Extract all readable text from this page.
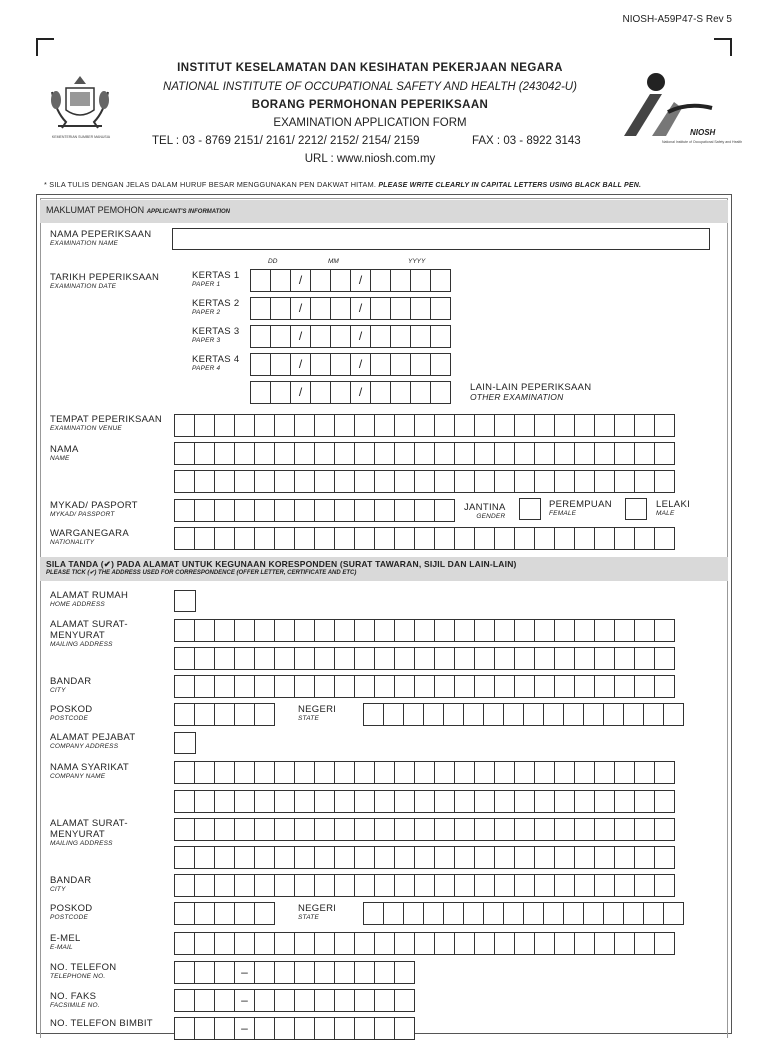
NIOSH-A59P47-S Rev 5
KEMENTERIAN SUMBER MANUSIA
INSTITUT KESELAMATAN DAN KESIHATAN PEKERJAAN NEGARA
NATIONAL INSTITUTE OF OCCUPATIONAL SAFETY AND HEALTH (243042-U)
BORANG PERMOHONAN PEPERIKSAAN
EXAMINATION APPLICATION FORM
TEL : 03 - 8769 2151/ 2161/ 2212/ 2152/ 2154/ 2159	FAX : 03 - 8922 3143
URL : www.niosh.com.my
NIOSH
National Institute of Occupational Safety and Health
* SILA TULIS DENGAN JELAS DALAM HURUF BESAR MENGGUNAKAN PEN DAKWAT HITAM. PLEASE WRITE CLEARLY IN CAPITAL LETTERS USING BLACK BALL PEN.
MAKLUMAT PEMOHON APPLICANT'S INFORMATION
NAMA PEPERIKSAAN
EXAMINATION NAME
DD	MM	YYYY
TARIKH PEPERIKSAAN
EXAMINATION DATE
KERTAS 1
PAPER 1	/	/
KERTAS 2
PAPER 2	/	/
KERTAS 3
PAPER 3	/	/
KERTAS 4
PAPER 4	/	/
/	/	LAIN-LAIN PEPERIKSAAN
OTHER EXAMINATION
TEMPAT PEPERIKSAAN
EXAMINATION VENUE
NAMA
NAME
MYKAD/ PASPORT
MYKAD/ PASSPORT
JANTINA
GENDER
PEREMPUAN
FEMALE
LELAKI
MALE
WARGANEGARA
NATIONALITY
SILA TANDA (✔) PADA ALAMAT UNTUK KEGUNAAN KORESPONDEN (SURAT TAWARAN, SIJIL DAN LAIN-LAIN)
PLEASE TICK (✔) THE ADDRESS USED FOR CORRESPONDENCE (OFFER LETTER, CERTIFICATE AND ETC)
ALAMAT RUMAH
HOME ADDRESS
ALAMAT SURAT-
MENYURAT
MAILING ADDRESS
BANDAR
CITY
POSKOD
POSTCODE
NEGERI
STATE
ALAMAT PEJABAT
COMPANY ADDRESS
NAMA SYARIKAT
COMPANY NAME
ALAMAT SURAT-
MENYURAT
MAILING ADDRESS
BANDAR
CITY
POSKOD
POSTCODE
NEGERI
STATE
E-MEL
E-MAIL
NO. TELEFON
TELEPHONE NO.	–
NO. FAKS
FACSIMILE NO.	–
NO. TELEFON BIMBIT	–
